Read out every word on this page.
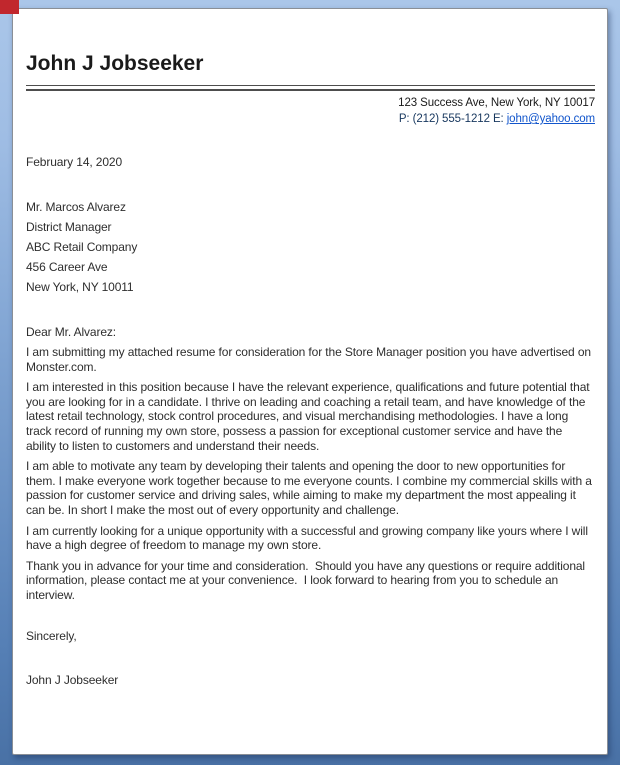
John J Jobseeker
123 Success Ave, New York, NY 10017
P: (212) 555-1212 E: john@yahoo.com
February 14, 2020
Mr. Marcos Alvarez
District Manager
ABC Retail Company
456 Career Ave
New York, NY 10011
Dear Mr. Alvarez:

I am submitting my attached resume for consideration for the Store Manager position you have advertised on Monster.com.

I am interested in this position because I have the relevant experience, qualifications and future potential that you are looking for in a candidate. I thrive on leading and coaching a retail team, and have knowledge of the latest retail technology, stock control procedures, and visual merchandising methodologies. I have a long track record of running my own store, possess a passion for exceptional customer service and have the ability to listen to customers and understand their needs.

I am able to motivate any team by developing their talents and opening the door to new opportunities for them. I make everyone work together because to me everyone counts. I combine my commercial skills with a passion for customer service and driving sales, while aiming to make my department the most appealing it can be. In short I make the most out of every opportunity and challenge.

I am currently looking for a unique opportunity with a successful and growing company like yours where I will have a high degree of freedom to manage my own store.

Thank you in advance for your time and consideration.  Should you have any questions or require additional information, please contact me at your convenience.  I look forward to hearing from you to schedule an interview.

Sincerely,
John J Jobseeker
